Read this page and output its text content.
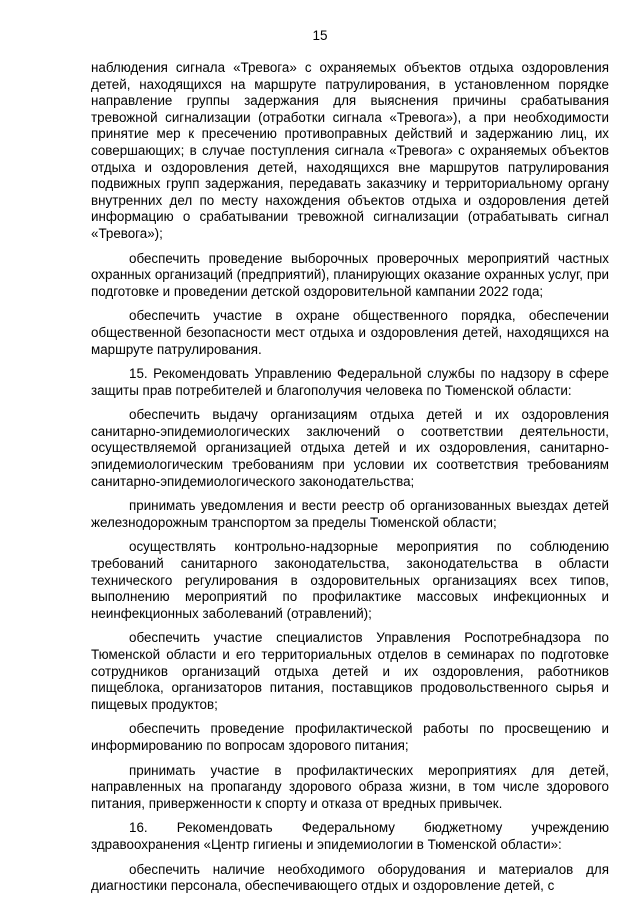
15

наблюдения сигнала «Тревога» с охраняемых объектов отдыха оздоровления детей, находящихся на маршруте патрулирования, в установленном порядке направление группы задержания для выяснения причины срабатывания тревожной сигнализации (отработки сигнала «Тревога»), а при необходимости принятие мер к пресечению противоправных действий и задержанию лиц, их совершающих; в случае поступления сигнала «Тревога» с охраняемых объектов отдыха и оздоровления детей, находящихся вне маршрутов патрулирования подвижных групп задержания, передавать заказчику и территориальному органу внутренних дел по месту нахождения объектов отдыха и оздоровления детей информацию о срабатывании тревожной сигнализации (отрабатывать сигнал «Тревога»);

обеспечить проведение выборочных проверочных мероприятий частных охранных организаций (предприятий), планирующих оказание охранных услуг, при подготовке и проведении детской оздоровительной кампании 2022 года;

обеспечить участие в охране общественного порядка, обеспечении общественной безопасности мест отдыха и оздоровления детей, находящихся на маршруте патрулирования.

15. Рекомендовать Управлению Федеральной службы по надзору в сфере защиты прав потребителей и благополучия человека по Тюменской области:

обеспечить выдачу организациям отдыха детей и их оздоровления санитарно-эпидемиологических заключений о соответствии деятельности, осуществляемой организацией отдыха детей и их оздоровления, санитарно-эпидемиологическим требованиям при условии их соответствия требованиям санитарно-эпидемиологического законодательства;

принимать уведомления и вести реестр об организованных выездах детей железнодорожным транспортом за пределы Тюменской области;

осуществлять контрольно-надзорные мероприятия по соблюдению требований санитарного законодательства, законодательства в области технического регулирования в оздоровительных организациях всех типов, выполнению мероприятий по профилактике массовых инфекционных и неинфекционных заболеваний (отравлений);

обеспечить участие специалистов Управления Роспотребнадзора по Тюменской области и его территориальных отделов в семинарах по подготовке сотрудников организаций отдыха детей и их оздоровления, работников пищеблока, организаторов питания, поставщиков продовольственного сырья и пищевых продуктов;

обеспечить проведение профилактической работы по просвещению и информированию по вопросам здорового питания;

принимать участие в профилактических мероприятиях для детей, направленных на пропаганду здорового образа жизни, в том числе здорового питания, приверженности к спорту и отказа от вредных привычек.

16. Рекомендовать Федеральному бюджетному учреждению здравоохранения «Центр гигиены и эпидемиологии в Тюменской области»:

обеспечить наличие необходимого оборудования и материалов для диагностики персонала, обеспечивающего отдых и оздоровление детей, с
